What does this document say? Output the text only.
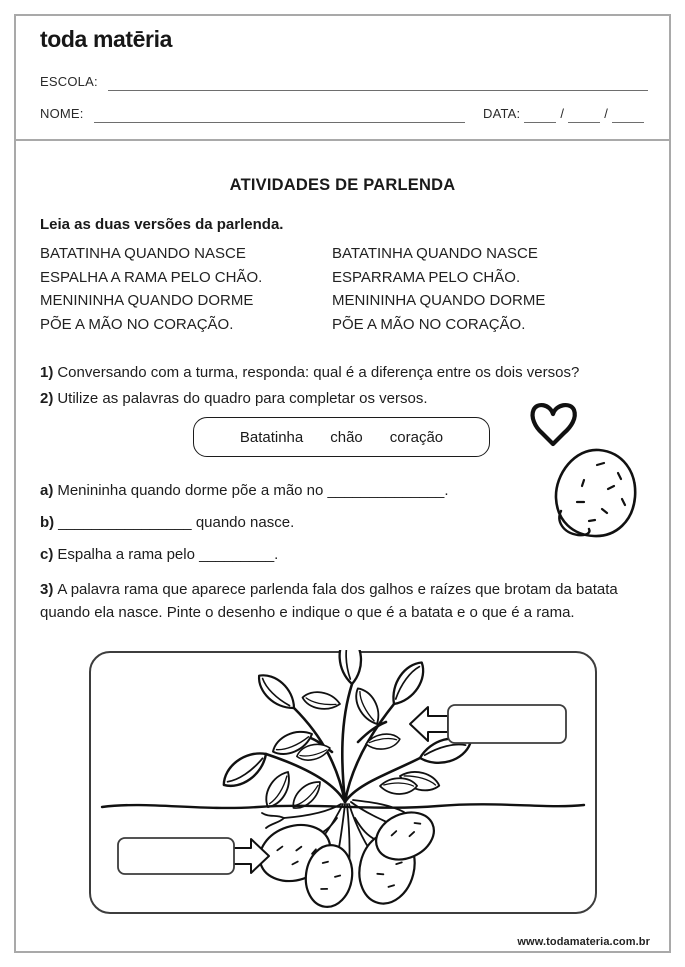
toda matēria
ESCOLA:
NOME:	DATA:	/	/
ATIVIDADES DE PARLENDA
Leia as duas versões da parlenda.
BATATINHA QUANDO NASCE
ESPALHA A RAMA PELO CHÃO.
MENININHA QUANDO DORME
PÕE A MÃO NO CORAÇÃO.
BATATINHA QUANDO NASCE
ESPARRAMA PELO CHÃO.
MENININHA QUANDO DORME
PÕE A MÃO NO CORAÇÃO.
1) Conversando com a turma, responda: qual é a diferença entre os dois versos?
2) Utilize as palavras do quadro para completar os versos.
Batatinha chão coração
a) Menininha quando dorme põe a mão no ______________.
b) ________________ quando nasce.
c) Espalha a rama pelo _________.
3) A palavra rama que aparece parlenda fala dos galhos e raízes que brotam da batata quando ela nasce. Pinte o desenho e indique o que é a batata e o que é a rama.
www.todamateria.com.br
